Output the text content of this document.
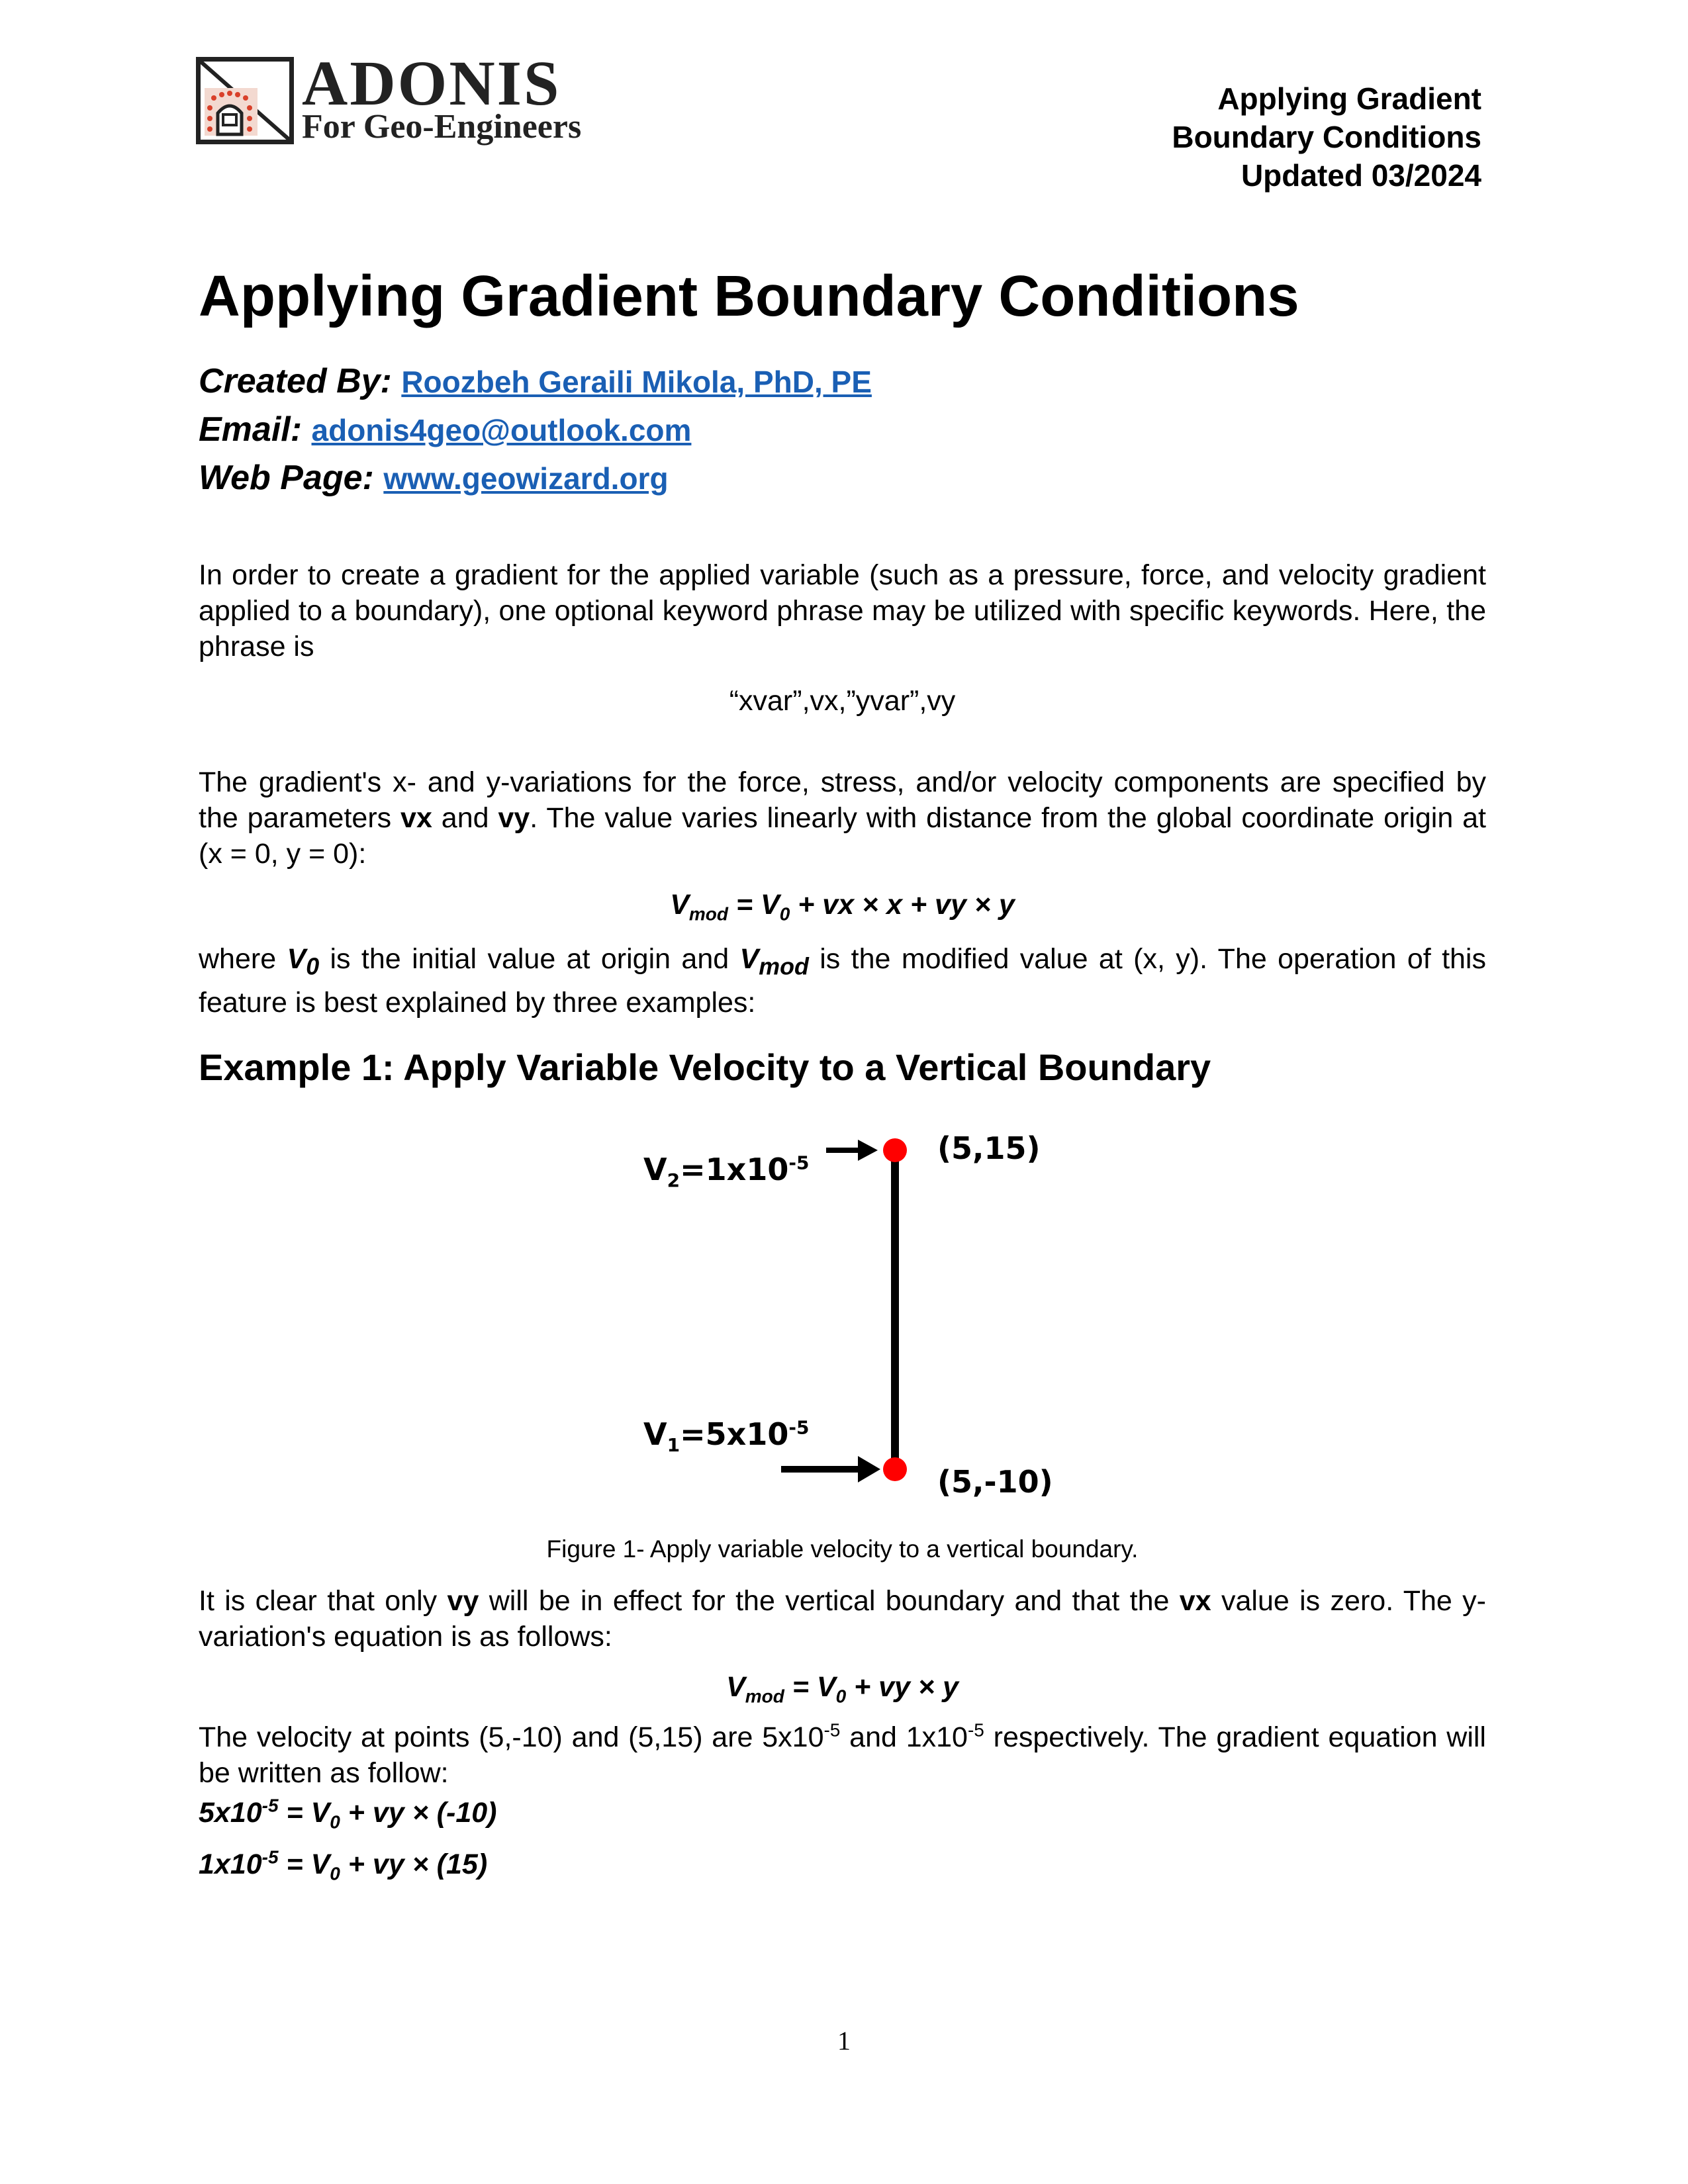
ADONIS
For Geo-Engineers
Applying Gradient
Boundary Conditions
Updated 03/2024
Applying Gradient Boundary Conditions
Created By: Roozbeh Geraili Mikola, PhD, PE
Email: adonis4geo@outlook.com
Web Page: www.geowizard.org
In order to create a gradient for the applied variable (such as a pressure, force, and velocity gradient applied to a boundary), one optional keyword phrase may be utilized with specific keywords. Here, the phrase is
“xvar”,vx,”yvar”,vy
The gradient's x- and y-variations for the force, stress, and/or velocity components are specified by the parameters vx and vy. The value varies linearly with distance from the global coordinate origin at (x = 0, y = 0):
$V_{mod} = V_0$ + vx × x + vy × y
where $V_0$ is the initial value at origin and $V_{mod}$ is the modified value at (x, y). The operation of this feature is best explained by three examples:
Example 1: Apply Variable Velocity to a Vertical Boundary
$V_2=1x10^{-5}$	(5,15)
$V_1=5x10^{-5}$
(5,-10)
Figure 1- Apply variable velocity to a vertical boundary.
It is clear that only vy will be in effect for the vertical boundary and that the vx value is zero. The y-variation's equation is as follows:
$V_{mod} = V_0$ + vy × y
The velocity at points (5,-10) and (5,15) are $5x10^{-5}$ and $1x10^{-5}$ respectively. The gradient equation will be written as follow:
$5x10^{-5} = V_0$ + vy × (-10)
$1x10^{-5} = V_0$ + vy × (15)
1
